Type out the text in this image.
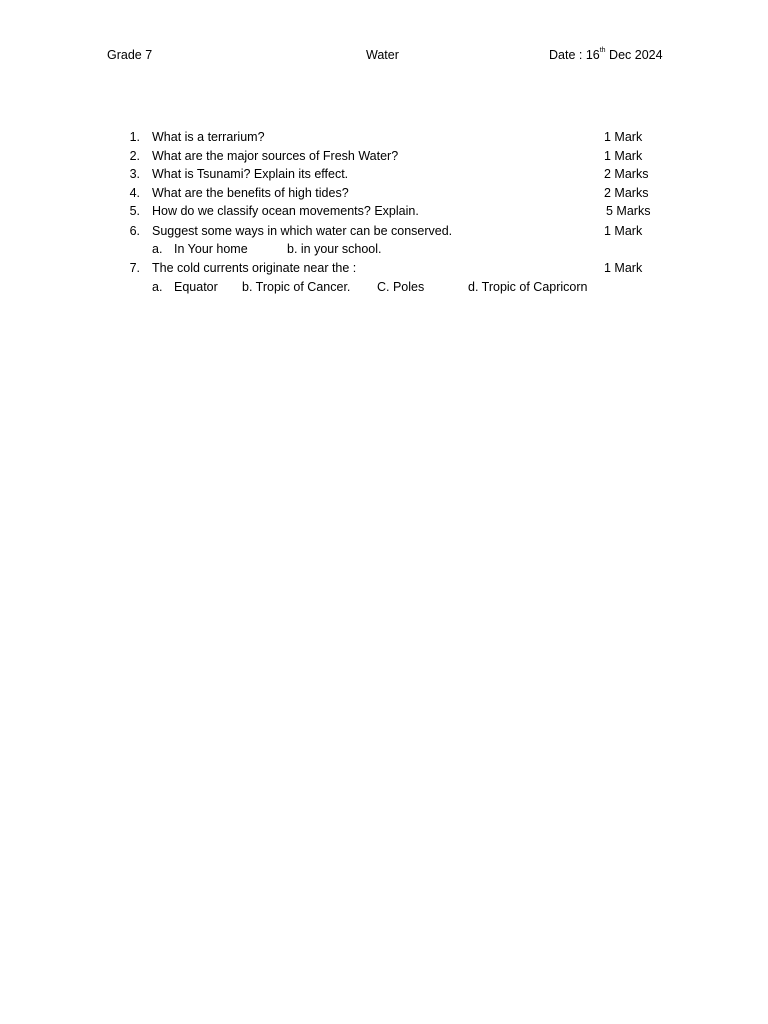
Grade 7	Water	Date : 16th Dec 2024
1. What is a terrarium?	1 Mark
2. What are the major sources of Fresh Water?	1 Mark
3. What is Tsunami? Explain its effect.	2 Marks
4. What are the benefits of high tides?	2 Marks
5. How do we classify ocean movements? Explain.	5 Marks
6. Suggest some ways in which water can be conserved.	1 Mark
a. In Your home	b. in your school.
7. The cold currents originate near the :	1 Mark
a. Equator b. Tropic of Cancer. C. Poles	d. Tropic of Capricorn
